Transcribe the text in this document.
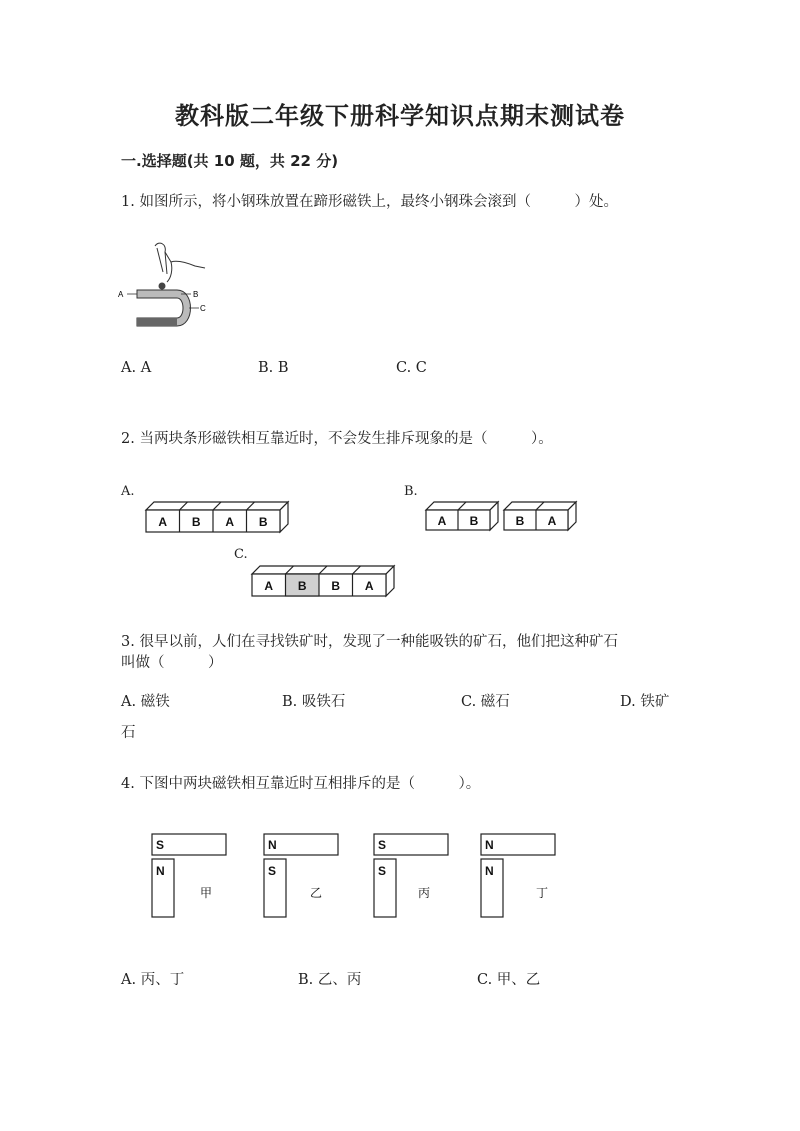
教科版二年级下册科学知识点期末测试卷
一.选择题(共 10 题，共 22 分)
1. 如图所示，将小钢珠放置在蹄形磁铁上，最终小钢珠会滚到（　　　）处。
A	B
C
A. A	B. B	C. C
2. 当两块条形磁铁相互靠近时，不会发生排斥现象的是（　　　）。
A.
A B A B
B.
A B	B A
C.
A B B A
3. 很早以前，人们在寻找铁矿时，发现了一种能吸铁的矿石，他们把这种矿石
叫做（　　　）
A. 磁铁	B. 吸铁石	C. 磁石	D. 铁矿
石
4. 下图中两块磁铁相互靠近时互相排斥的是（　　　）。
S
N
N
S
S
S
N
N
甲	乙	丙	丁
A. 丙、丁	B. 乙、丙	C. 甲、乙
